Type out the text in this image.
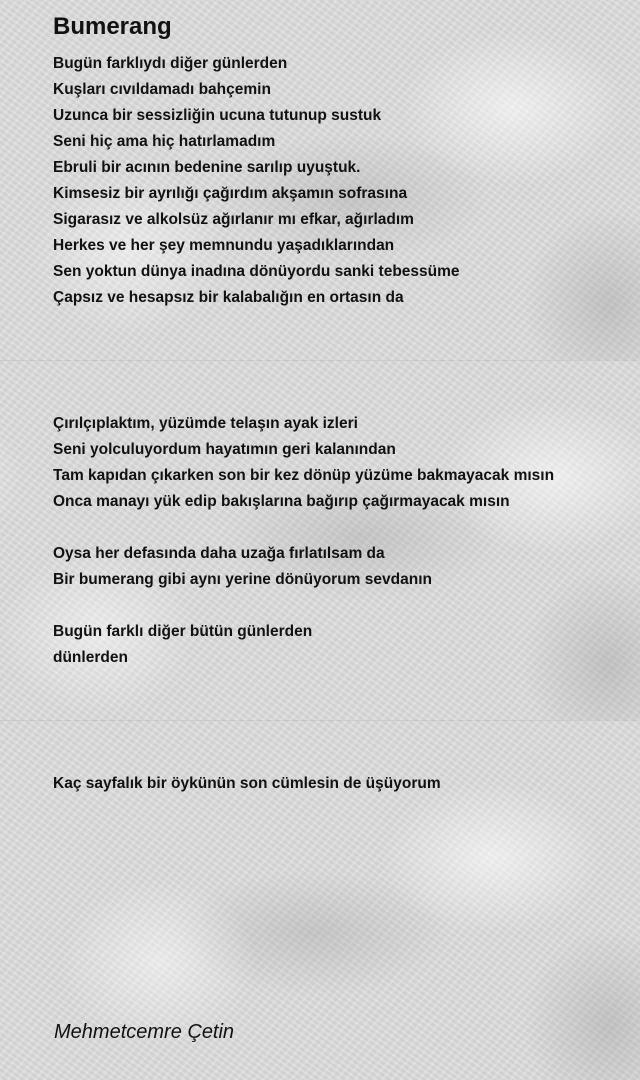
Bumerang
Bugün farklıydı diğer günlerden
Kuşları cıvıldamadı bahçemin
Uzunca bir sessizliğin ucuna tutunup sustuk
Seni hiç ama hiç hatırlamadım
Ebruli bir acının bedenine sarılıp uyuştuk.
Kimsesiz bir ayrılığı çağırdım akşamın sofrasına
Sigarasız ve alkolsüz ağırlanır mı efkar, ağırladım
Herkes ve her şey memnundu yaşadıklarından
Sen yoktun dünya inadına dönüyordu sanki tebessüme
Çapsız ve hesapsız bir kalabalığın en ortasın da
Çırılçıplaktım, yüzümde telaşın ayak izleri
Seni yolculuyordum hayatımın geri kalanından
Tam kapıdan çıkarken son bir kez dönüp yüzüme bakmayacak mısın
Onca manayı yük edip bakışlarına bağırıp çağırmayacak mısın
Oysa her defasında daha uzağa fırlatılsam da
Bir bumerang gibi aynı yerine dönüyorum sevdanın
Bugün farklı diğer bütün günlerden
dünlerden
Kaç sayfalık bir öykünün son cümlesin de üşüyorum

Mehmetcemre Çetin
